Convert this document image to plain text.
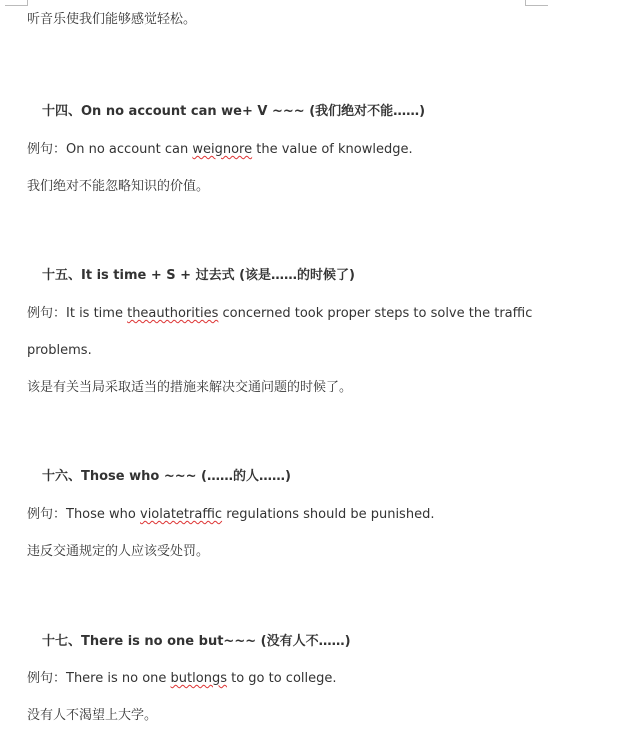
听音乐使我们能够感觉轻松。
十四、On no account can we+ V ~~~ (我们绝对不能……)
例句：On no account can weignore the value of knowledge.
我们绝对不能忽略知识的价值。
十五、It is time + S + 过去式 (该是……的时候了)
例句：It is time theauthorities concerned took proper steps to solve the traffic
problems.
该是有关当局采取适当的措施来解决交通问题的时候了。
十六、Those who ~~~ (……的人……)
例句：Those who violatetraffic regulations should be punished.
违反交通规定的人应该受处罚。
十七、There is no one but~~~ (没有人不……)
例句：There is no one butlongs to go to college.
没有人不渴望上大学。
